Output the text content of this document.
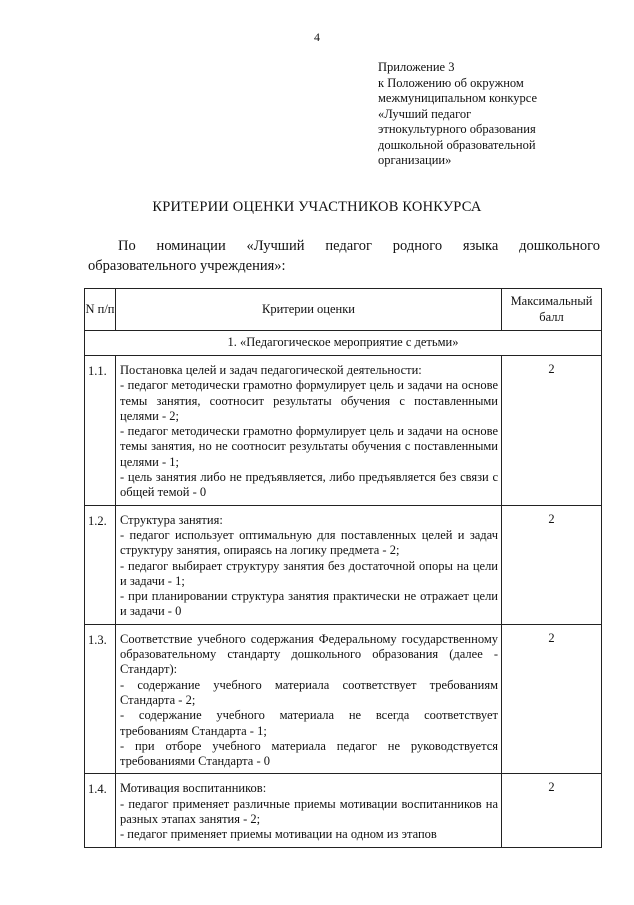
4
Приложение 3
к Положению об окружном
межмуниципальном конкурсе
«Лучший педагог
этнокультурного образования
дошкольной образовательной
организации»
КРИТЕРИИ ОЦЕНКИ УЧАСТНИКОВ КОНКУРСА
По номинации «Лучший педагог родного языка дошкольного образовательного учреждения»:
N п/п	Критерии оценки	Максимальный балл
1. «Педагогическое мероприятие с детьми»		
1.1.	Постановка целей и задач педагогической деятельности:
- педагог методически грамотно формулирует цель и задачи на основе темы занятия, соотносит результаты обучения с поставленными целями - 2;
- педагог методически грамотно формулирует цель и задачи на основе темы занятия, но не соотносит результаты обучения с поставленными целями - 1;
- цель занятия либо не предъявляется, либо предъявляется без связи с общей темой - 0	2
1.2.	Структура занятия:
- педагог использует оптимальную для поставленных целей и задач структуру занятия, опираясь на логику предмета - 2;
- педагог выбирает структуру занятия без достаточной опоры на цели и задачи - 1;
- при планировании структура занятия практически не отражает цели и задачи - 0	2
1.3.	Соответствие учебного содержания Федеральному государственному образовательному стандарту дошкольного образования (далее - Стандарт):
- содержание учебного материала соответствует требованиям Стандарта - 2;
- содержание учебного материала не всегда соответствует требованиям Стандарта - 1;
- при отборе учебного материала педагог не руководствуется требованиями Стандарта - 0	2
1.4.	Мотивация воспитанников:
- педагог применяет различные приемы мотивации воспитанников на разных этапах занятия - 2;
- педагог применяет приемы мотивации на одном из этапов	2
